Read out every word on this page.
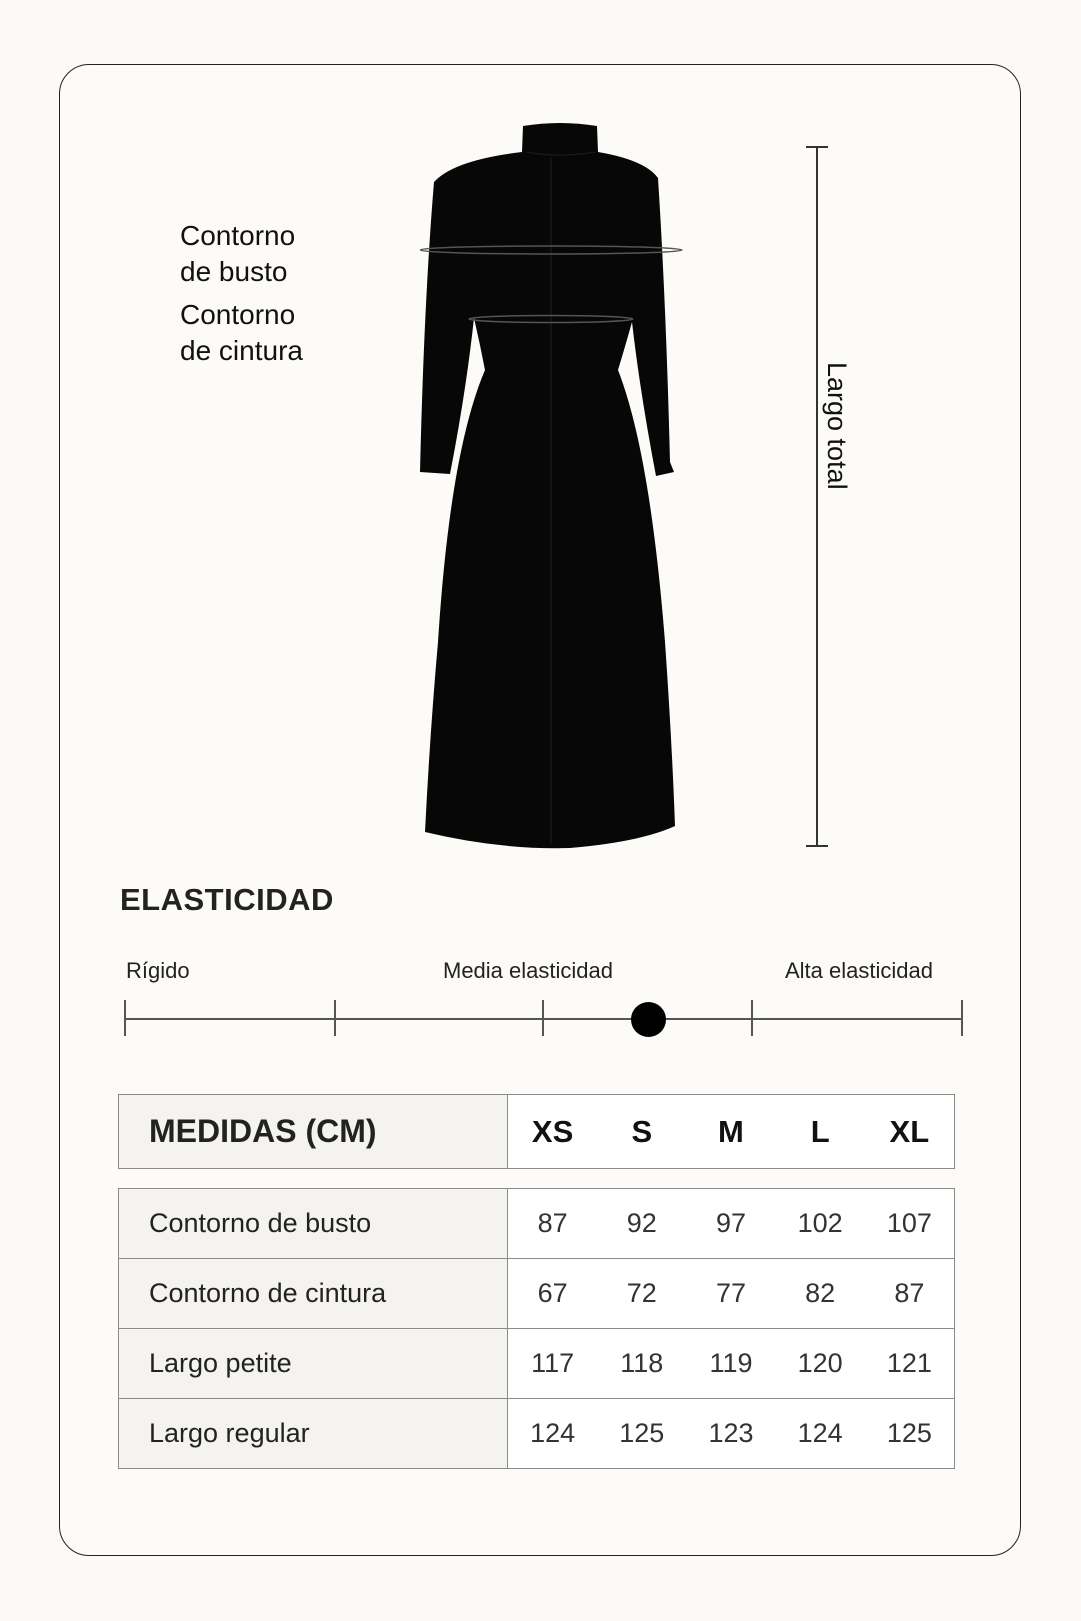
Contorno
de busto
Contorno
de cintura
Largo total
ELASTICIDAD
Rígido	Media elasticidad	Alta elasticidad
MEDIDAS (CM)	XS S M L XL

Contorno de busto	87 92 97 102 107

Contorno de cintura	67 72 77 82 87

Largo petite	117 118 119 120 121

Largo regular	124 125 123 124 125
